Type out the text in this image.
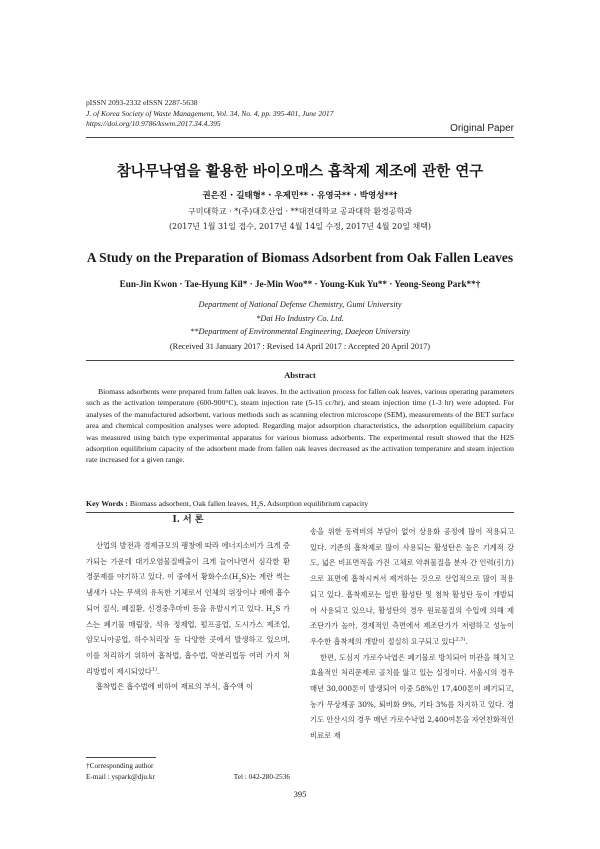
pISSN 2093-2332 eISSN 2287-5638
J. of Korea Society of Waste Management, Vol. 34, No. 4, pp. 395-401, June 2017
https://doi.org/10.9786/kswm.2017.34.4.395	Original Paper
참나무낙엽을 활용한 바이오매스 흡착제 제조에 관한 연구
권은진 · 길태형* · 우제민** · 유영국** · 박영성**†
구미대학교 · *(주)대호산업 · **대전대학교 공과대학 환경공학과
(2017년 1월 31일 접수, 2017년 4월 14일 수정, 2017년 4월 20일 채택)
A Study on the Preparation of Biomass Adsorbent from Oak Fallen Leaves
Eun-Jin Kwon · Tae-Hyung Kil* · Je-Min Woo** · Young-Kuk Yu** · Yeong-Seong Park**†
Department of National Defense Chemistry, Gumi University
*Dai Ho Industry Co. Ltd.
**Department of Environmental Engineering, Daejeon University
(Received 31 January 2017 : Revised 14 April 2017 : Accepted 20 April 2017)
Abstract

Biomass adsorbents were prepared from fallen oak leaves. In the activation process for fallen oak leaves, various operating parameters such as the activation temperature (600-900°C), steam injection rate (5-15 cc/hr), and steam injection time (1-3 hr) were adopted. For analyses of the manufactured adsorbent, various methods such as scanning electron microscope (SEM), measurements of the BET surface area and chemical composition analyses were adopted. Regarding major adsorption characteristics, the adsorption equilibrium capacity was measured using batch type experimental apparatus for various biomass adsorbents. The experimental result showed that the H2S adsorption equilibrium capacity of the adsorbent made from fallen oak leaves decreased as the activation temperature and steam injection rate increased for a given range.

Key Words : Biomass adsorbent, Oak fallen leaves, $H_2S$, Adsorption equilibrium capacity
I. 서 론

산업의 발전과 경제규모의 팽창에 따라 에너지소비가 크게 증가되는 가운데 대기오염물질배출이 크게 늘어나면서 심각한 환경문제를 야기하고 있다. 이 중에서 황화수소$(H_2S)$는 계란 썩는 냄새가 나는 무색의 유독한 기체로서 인체의 위장이나 폐에 흡수되어 질식, 폐질환, 신경중추마비 등을 유발시키고 있다. $H_2S$ 가스는 폐기물 매립장, 석유 정제업, 펄프공업, 도시가스 제조업, 암모니아공업, 하수처리장 등 다양한 곳에서 발생하고 있으며, 이를 처리하기 위하여 흡착법, 흡수법, 막분리법등 여러 가지 처리방법이 제시되었다$^{1)}$.

흡착법은 흡수법에 비하여 재료의 부식, 흡수액 이

송을 위한 동력비의 부담이 없어 상용화 공정에 많이 적용되고 있다. 기존의 흡착제로 많이 사용되는 활성탄은 높은 기계적 강도, 넓은 비표면적을 가진 고체로 악취물질을 분자 간 인력(引力)으로 표면에 흡착시켜서 제거하는 것으로 산업적으로 많이 적용되고 있다. 흡착제로는 일반 활성탄 및 첨착 활성탄 등이 개발되어 사용되고 있으나, 활성탄의 경우 원료물질의 수입에 의해 제조단가가 높아, 경제적인 측면에서 제조단가가 저렴하고 성능이 우수한 흡착제의 개발이 절실히 요구되고 있다$^{2,3)}$.

한편, 도심지 가로수낙엽은 폐기물로 방치되어 미관을 해치고 효율적인 처리문제로 골치를 앓고 있는 실정이다. 서울시의 경우 매년 30,000톤이 발생되어 이중 58%인 17,400톤이 폐기되고, 농가 무상제공 30%, 퇴비화 9%, 기타 3%를 차지하고 있다. 경기도 안산시의 경우 매년 가로수낙엽 2,400여톤을 자연친화적인 비료로 재

†Corresponding author
E-mail : yspark@dju.kr	Tel : 042-280-2536
395
